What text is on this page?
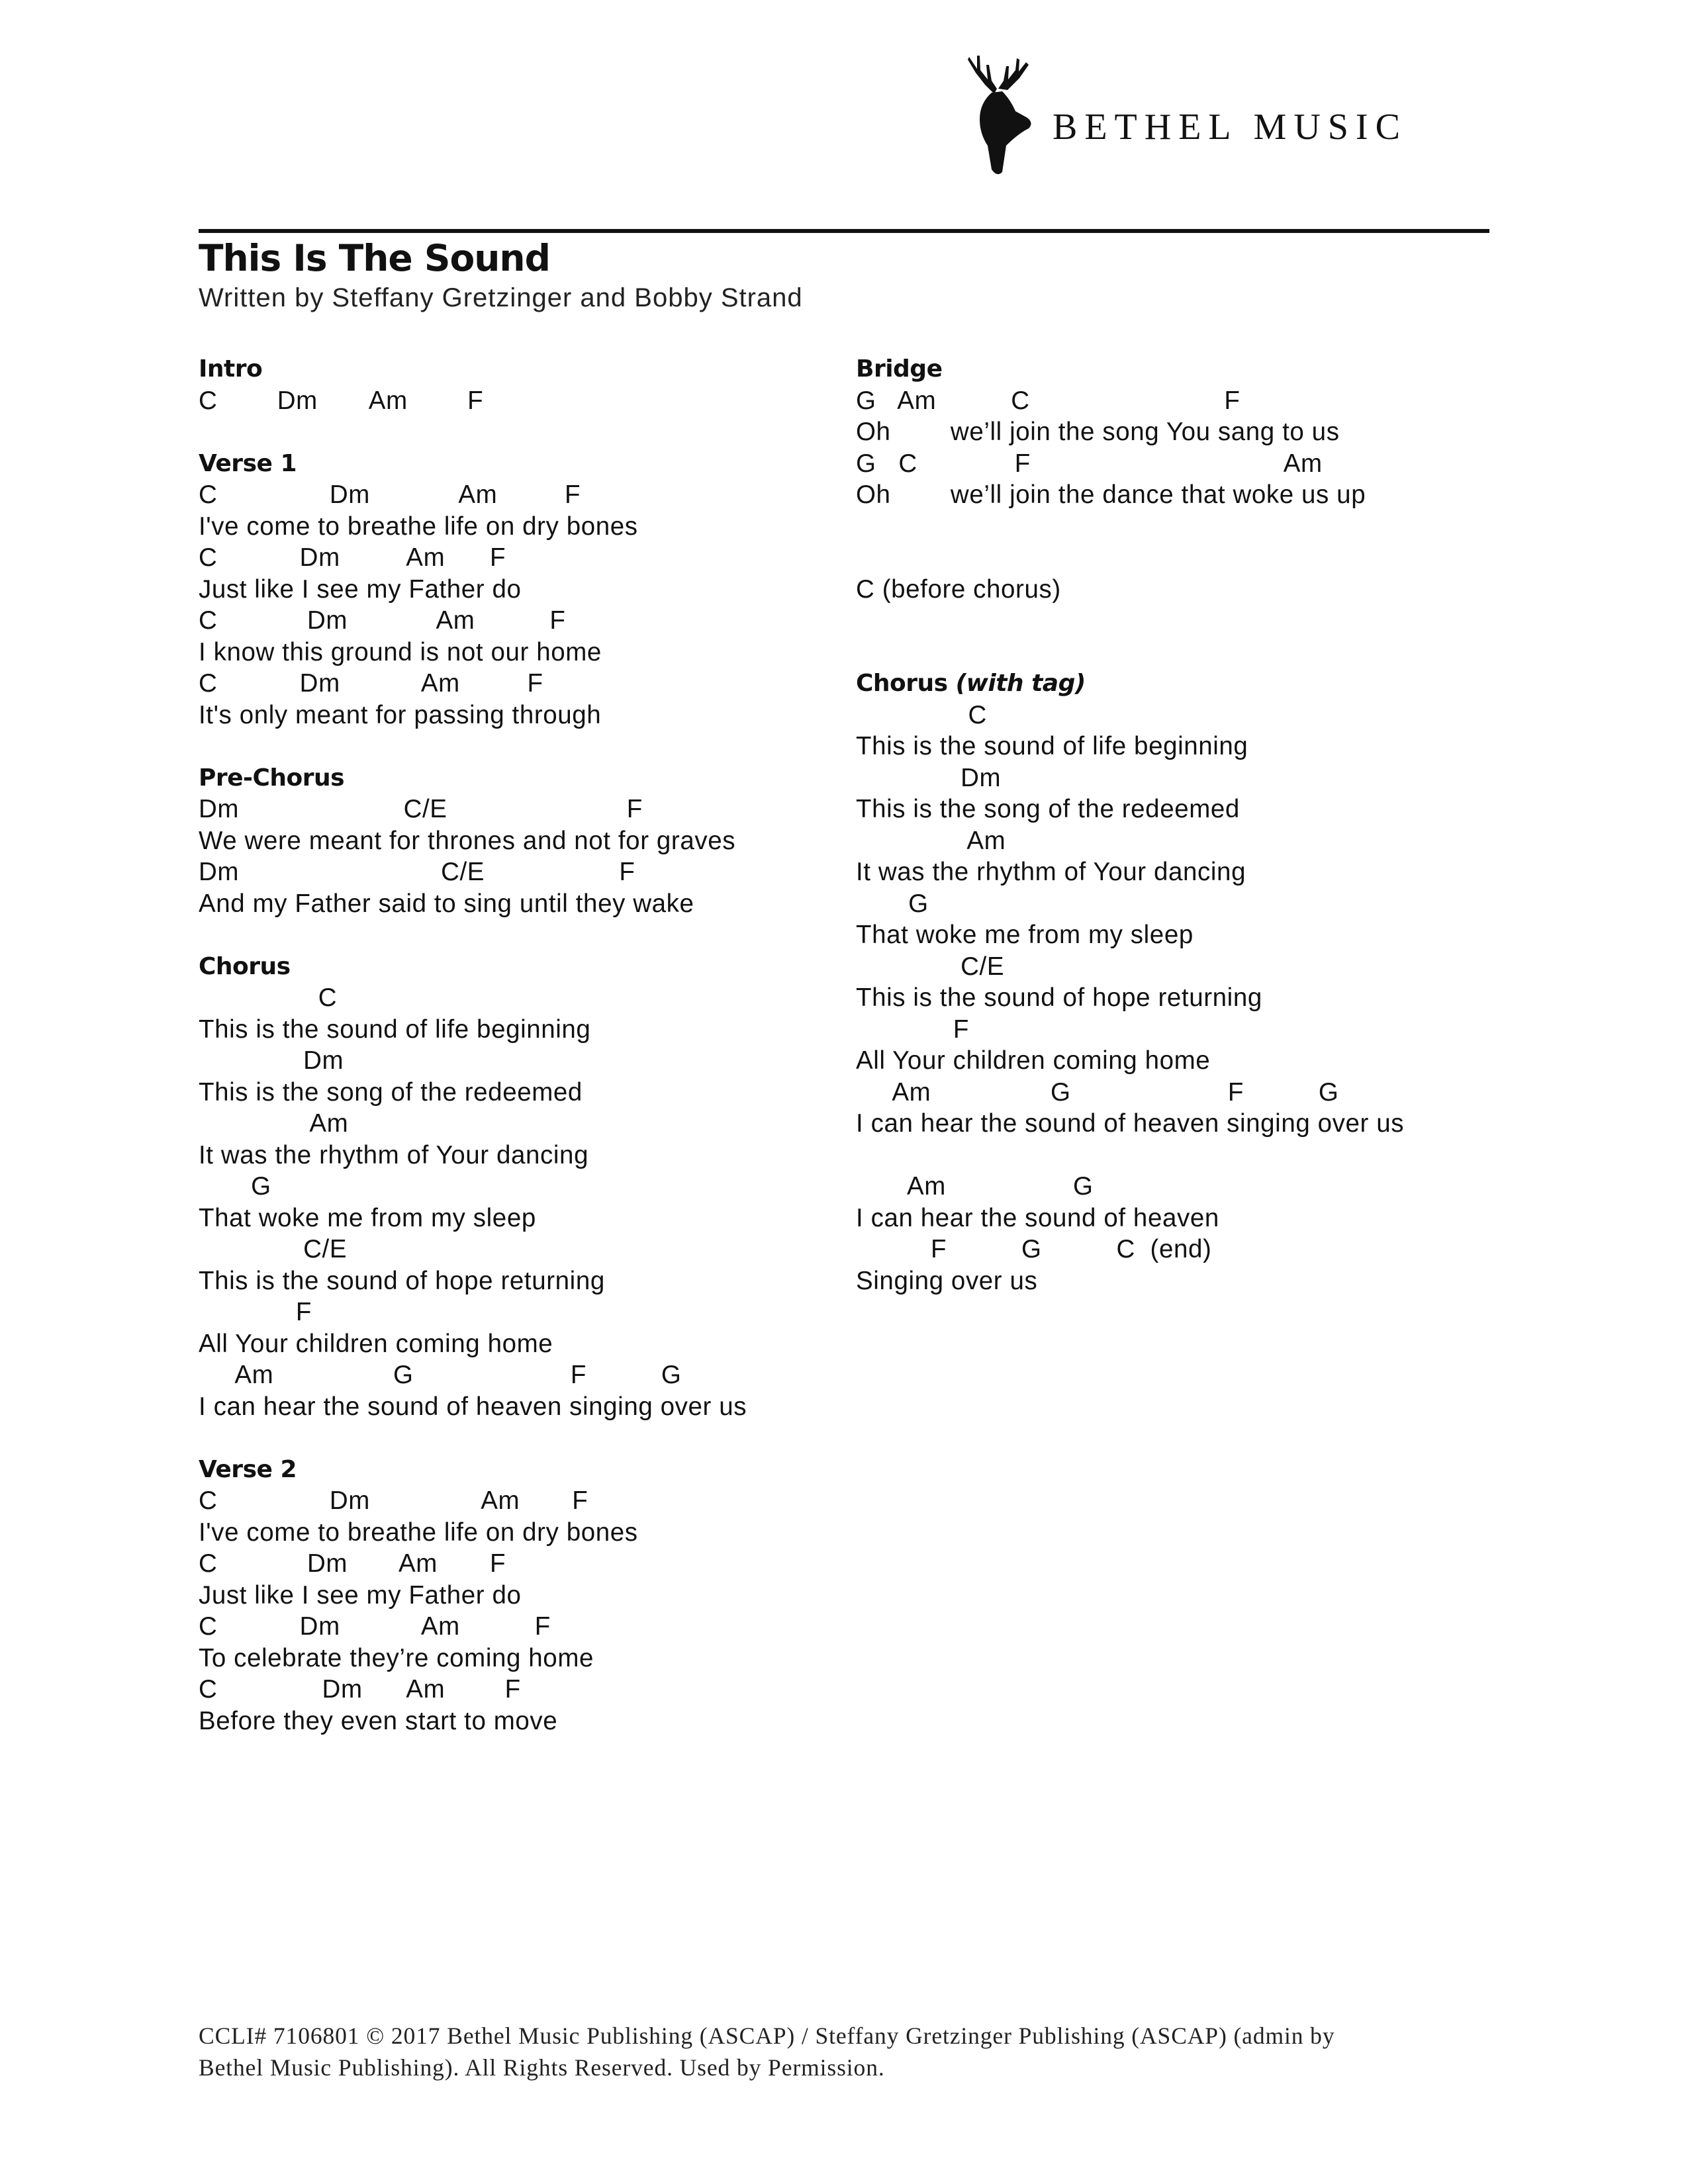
BETHEL MUSIC
This Is The Sound
Written by Steffany Gretzinger and Bobby Strand
Intro
C        Dm       Am        F
Verse 1
C               Dm            Am         F
I've come to breathe life on dry bones
C           Dm         Am      F
Just like I see my Father do
C            Dm            Am          F
I know this ground is not our home
C           Dm           Am         F
It's only meant for passing through
Pre-Chorus
Dm                      C/E                        F
We were meant for thrones and not for graves
Dm                           C/E                  F
And my Father said to sing until they wake
Chorus
C
This is the sound of life beginning
Dm
This is the song of the redeemed
Am
It was the rhythm of Your dancing
G
That woke me from my sleep
C/E
This is the sound of hope returning
F
All Your children coming home
Am                G                     F          G
I can hear the sound of heaven singing over us
Verse 2
C               Dm               Am       F
I've come to breathe life on dry bones
C            Dm       Am       F
Just like I see my Father do
C           Dm           Am          F
To celebrate they’re coming home
C              Dm      Am        F
Before they even start to move
Bridge
G   Am          C                          F
Oh        we’ll join the song You sang to us
G   C             F                                  Am
Oh        we’ll join the dance that woke us up
C (before chorus)
Chorus (with tag)
C
This is the sound of life beginning
Dm
This is the song of the redeemed
Am
It was the rhythm of Your dancing
G
That woke me from my sleep
C/E
This is the sound of hope returning
F
All Your children coming home
Am                G                     F          G
I can hear the sound of heaven singing over us
Am                 G
I can hear the sound of heaven
F          G          C  (end)
Singing over us
CCLI# 7106801 © 2017 Bethel Music Publishing (ASCAP) / Steffany Gretzinger Publishing (ASCAP) (admin by
Bethel Music Publishing). All Rights Reserved. Used by Permission.
